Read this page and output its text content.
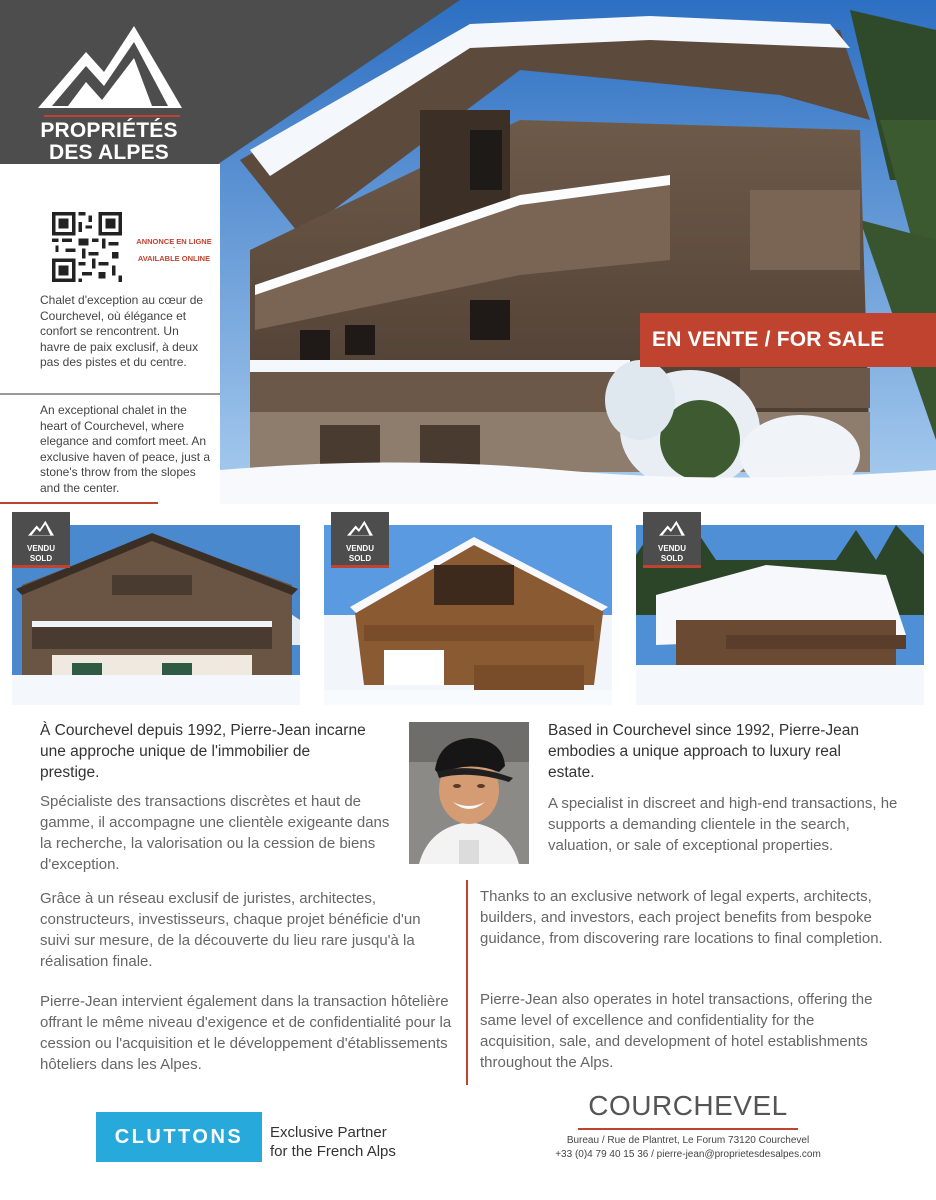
PROPRIÉTÉS
DES ALPES
Secret Spot Finders
ANNONCE EN LIGNE
-
AVAILABLE ONLINE
Chalet d'exception au cœur de Courchevel, où élégance et confort se rencontrent. Un havre de paix exclusif, à deux pas des pistes et du centre.
An exceptional chalet in the heart of Courchevel, where elegance and comfort meet. An exclusive haven of peace, just a stone's throw from the slopes and the center.
EN VENTE / FOR SALE
VENDU
SOLD
VENDU
SOLD
VENDU
SOLD
À Courchevel depuis 1992, Pierre-Jean incarne une approche unique de l'immobilier de prestige.
Spécialiste des transactions discrètes et haut de gamme, il accompagne une clientèle exigeante dans la recherche, la valorisation ou la cession de biens d'exception.
Based in Courchevel since 1992, Pierre-Jean embodies a unique approach to luxury real estate.
A specialist in discreet and high-end transactions, he supports a demanding clientele in the search, valuation, or sale of exceptional properties.
Grâce à un réseau exclusif de juristes, architectes, constructeurs, investisseurs, chaque projet bénéficie d'un suivi sur mesure, de la découverte du lieu rare jusqu'à la réalisation finale.
Pierre-Jean intervient également dans la transaction hôtelière offrant le même niveau d'exigence et de confidentialité pour la cession ou l'acquisition et le développement d'établissements hôteliers dans les Alpes.
Thanks to an exclusive network of legal experts, architects, builders, and investors, each project benefits from bespoke guidance, from discovering rare locations to final completion.
Pierre-Jean also operates in hotel transactions, offering the same level of excellence and confidentiality for the acquisition, sale, and development of hotel establishments throughout the Alps.
CLUTTONS	Exclusive Partner
for the French Alps
COURCHEVEL
Bureau / Rue de Plantret, Le Forum 73120 Courchevel
+33 (0)4 79 40 15 36 / pierre-jean@proprietesdesalpes.com
